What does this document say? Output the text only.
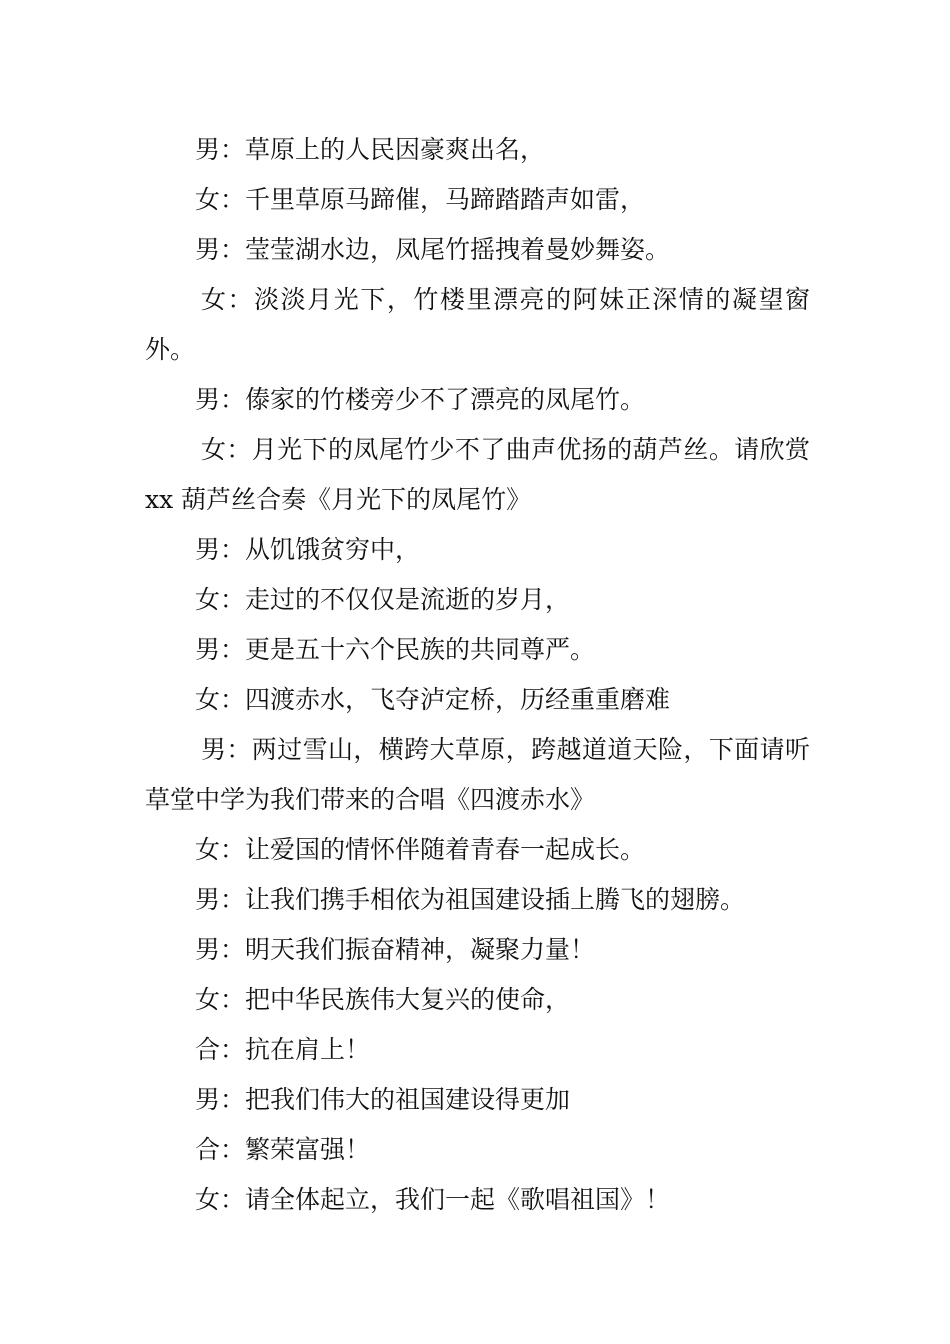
男：草原上的人民因豪爽出名，

女：千里草原马蹄催，马蹄踏踏声如雷，

男：莹莹湖水边，凤尾竹摇拽着曼妙舞姿。

女：淡淡月光下，竹楼里漂亮的阿妹正深情的凝望窗外。

男：傣家的竹楼旁少不了漂亮的凤尾竹。

女：月光下的凤尾竹少不了曲声优扬的葫芦丝。请欣赏 xx 葫芦丝合奏《月光下的凤尾竹》

男：从饥饿贫穷中，

女：走过的不仅仅是流逝的岁月，

男：更是五十六个民族的共同尊严。

女：四渡赤水，飞夺泸定桥，历经重重磨难

男：两过雪山，横跨大草原，跨越道道天险，下面请听草堂中学为我们带来的合唱《四渡赤水》

女：让爱国的情怀伴随着青春一起成长。

男：让我们携手相依为祖国建设插上腾飞的翅膀。

男：明天我们振奋精神，凝聚力量！

女：把中华民族伟大复兴的使命，

合：抗在肩上！

男：把我们伟大的祖国建设得更加

合：繁荣富强！

女：请全体起立，我们一起《歌唱祖国》！
